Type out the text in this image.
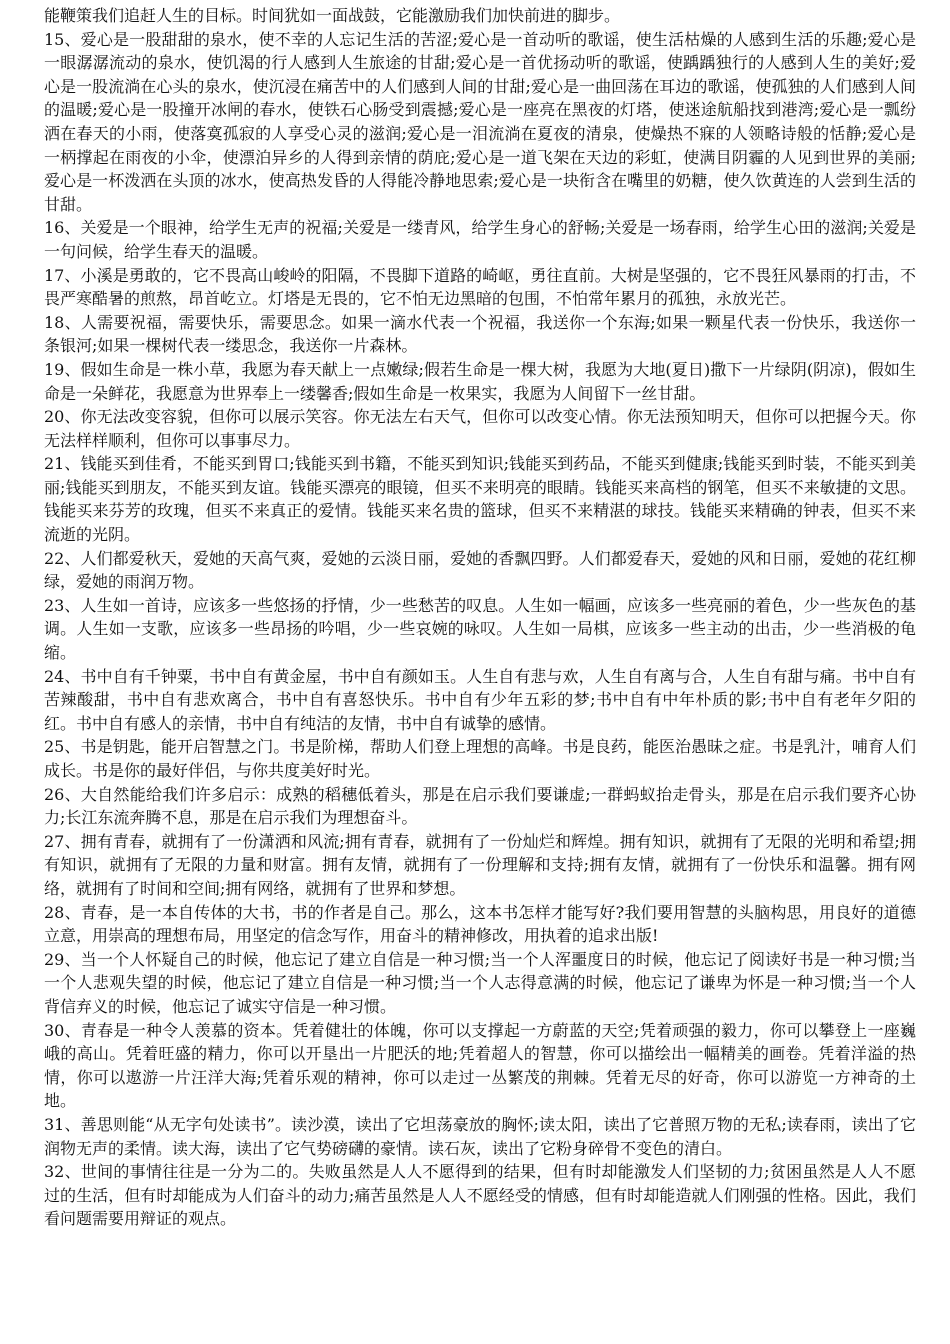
能鞭策我们追赶人生的目标。时间犹如一面战鼓，它能激励我们加快前进的脚步。

15、爱心是一股甜甜的泉水，使不幸的人忘记生活的苦涩;爱心是一首动听的歌谣，使生活枯燥的人感到生活的乐趣;爱心是一眼潺潺流动的泉水，使饥渴的行人感到人生旅途的甘甜;爱心是一首优扬动听的歌谣，使踽踽独行的人感到人生的美好;爱心是一股流淌在心头的泉水，使沉浸在痛苦中的人们感到人间的甘甜;爱心是一曲回荡在耳边的歌谣，使孤独的人们感到人间的温暖;爱心是一股撞开冰闸的春水，使铁石心肠受到震撼;爱心是一座亮在黑夜的灯塔，使迷途航船找到港湾;爱心是一瓢纷洒在春天的小雨，使落寞孤寂的人享受心灵的滋润;爱心是一泪流淌在夏夜的清泉，使燥热不寐的人领略诗般的恬静;爱心是一柄撑起在雨夜的小伞，使漂泊异乡的人得到亲情的荫庇;爱心是一道飞架在天边的彩虹，使满目阴霾的人见到世界的美丽;爱心是一杯泼洒在头顶的冰水，使高热发昏的人得能冷静地思索;爱心是一块衔含在嘴里的奶糖，使久饮黄连的人尝到生活的甘甜。

16、关爱是一个眼神，给学生无声的祝福;关爱是一缕青风，给学生身心的舒畅;关爱是一场春雨，给学生心田的滋润;关爱是一句问候，给学生春天的温暖。

17、小溪是勇敢的，它不畏高山峻岭的阳隔，不畏脚下道路的崎岖，勇往直前。大树是坚强的，它不畏狂风暴雨的打击，不畏严寒酷暑的煎熬，昂首屹立。灯塔是无畏的，它不怕无边黑暗的包围，不怕常年累月的孤独，永放光芒。

18、人需要祝福，需要快乐，需要思念。如果一滴水代表一个祝福，我送你一个东海;如果一颗星代表一份快乐，我送你一条银河;如果一棵树代表一缕思念，我送你一片森林。

19、假如生命是一株小草，我愿为春天献上一点嫩绿;假若生命是一棵大树，我愿为大地(夏日)撒下一片绿阴(阴凉)，假如生命是一朵鲜花，我愿意为世界奉上一缕馨香;假如生命是一枚果实，我愿为人间留下一丝甘甜。

20、你无法改变容貌，但你可以展示笑容。你无法左右天气，但你可以改变心情。你无法预知明天，但你可以把握今天。你无法样样顺利，但你可以事事尽力。

21、钱能买到佳肴，不能买到胃口;钱能买到书籍，不能买到知识;钱能买到药品，不能买到健康;钱能买到时装，不能买到美丽;钱能买到朋友，不能买到友谊。钱能买漂亮的眼镜，但买不来明亮的眼睛。钱能买来高档的钢笔，但买不来敏捷的文思。钱能买来芬芳的玫瑰，但买不来真正的爱情。钱能买来名贵的篮球，但买不来精湛的球技。钱能买来精确的钟表，但买不来流逝的光阴。

22、人们都爱秋天，爱她的天高气爽，爱她的云淡日丽，爱她的香飘四野。人们都爱春天，爱她的风和日丽，爱她的花红柳绿，爱她的雨润万物。

23、人生如一首诗，应该多一些悠扬的抒情，少一些愁苦的叹息。人生如一幅画，应该多一些亮丽的着色，少一些灰色的基调。人生如一支歌，应该多一些昂扬的吟唱，少一些哀婉的咏叹。人生如一局棋，应该多一些主动的出击，少一些消极的龟缩。

24、书中自有千钟粟，书中自有黄金屋，书中自有颜如玉。人生自有悲与欢，人生自有离与合，人生自有甜与痛。书中自有苦辣酸甜，书中自有悲欢离合，书中自有喜怒快乐。书中自有少年五彩的梦;书中自有中年朴质的影;书中自有老年夕阳的红。书中自有感人的亲情，书中自有纯洁的友情，书中自有诚挚的感情。

25、书是钥匙，能开启智慧之门。书是阶梯，帮助人们登上理想的高峰。书是良药，能医治愚昧之症。书是乳汁，哺育人们成长。书是你的最好伴侣，与你共度美好时光。

26、大自然能给我们许多启示：成熟的稻穗低着头，那是在启示我们要谦虚;一群蚂蚁抬走骨头，那是在启示我们要齐心协力;长江东流奔腾不息，那是在启示我们为理想奋斗。

27、拥有青春，就拥有了一份潇洒和风流;拥有青春，就拥有了一份灿烂和辉煌。拥有知识，就拥有了无限的光明和希望;拥有知识，就拥有了无限的力量和财富。拥有友情，就拥有了一份理解和支持;拥有友情，就拥有了一份快乐和温馨。拥有网络，就拥有了时间和空间;拥有网络，就拥有了世界和梦想。

28、青春，是一本自传体的大书，书的作者是自己。那么，这本书怎样才能写好?我们要用智慧的头脑构思，用良好的道德立意，用崇高的理想布局，用坚定的信念写作，用奋斗的精神修改，用执着的追求出版!

29、当一个人怀疑自己的时候，他忘记了建立自信是一种习惯;当一个人浑噩度日的时候，他忘记了阅读好书是一种习惯;当一个人悲观失望的时候，他忘记了建立自信是一种习惯;当一个人志得意满的时候，他忘记了谦卑为怀是一种习惯;当一个人背信弃义的时候，他忘记了诚实守信是一种习惯。

30、青春是一种令人羡慕的资本。凭着健壮的体魄，你可以支撑起一方蔚蓝的天空;凭着顽强的毅力，你可以攀登上一座巍峨的高山。凭着旺盛的精力，你可以开垦出一片肥沃的地;凭着超人的智慧，你可以描绘出一幅精美的画卷。凭着洋溢的热情，你可以遨游一片汪洋大海;凭着乐观的精神，你可以走过一丛繁茂的荆棘。凭着无尽的好奇，你可以游览一方神奇的土地。

31、善思则能“从无字句处读书”。读沙漠，读出了它坦荡豪放的胸怀;读太阳，读出了它普照万物的无私;读春雨，读出了它润物无声的柔情。读大海，读出了它气势磅礴的豪情。读石灰，读出了它粉身碎骨不变色的清白。

32、世间的事情往往是一分为二的。失败虽然是人人不愿得到的结果，但有时却能激发人们坚韧的力;贫困虽然是人人不愿过的生活，但有时却能成为人们奋斗的动力;痛苦虽然是人人不愿经受的情感，但有时却能造就人们刚强的性格。因此，我们看问题需要用辩证的观点。
